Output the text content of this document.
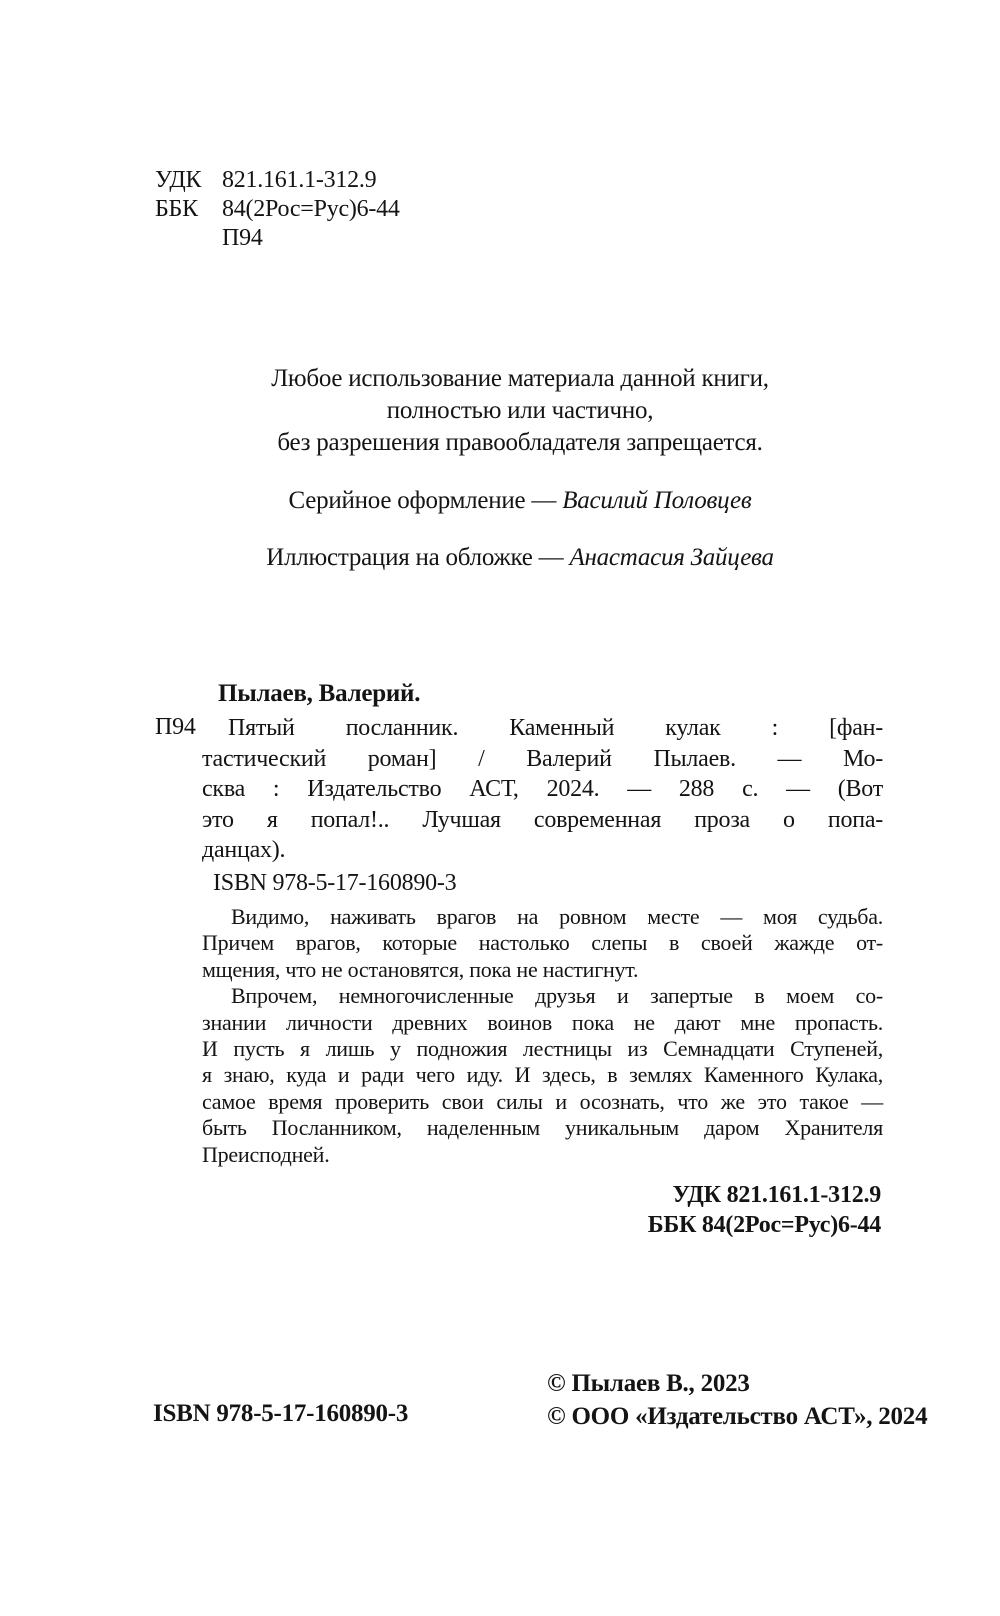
УДК 821.161.1-312.9
ББК	84(2Рос=Рус)6-44
П94
Любое использование материала данной книги,
полностью или частично,
без разрешения правообладателя запрещается.
Серийное оформление — Василий Половцев
Иллюстрация на обложке — Анастасия Зайцева
Пылаев, Валерий.
П94	Пятый посланник. Каменный кулак : [фан-
тастический роман] / Валерий Пылаев. — Мо-
сква : Издательство АСТ, 2024. — 288 с. — (Вот
это я попал!.. Лучшая современная проза о попа-
данцах).
ISBN 978-5-17-160890-3
Видимо, наживать врагов на ровном месте — моя судьба.
Причем врагов, которые настолько слепы в своей жажде от-
мщения, что не остановятся, пока не настигнут.
Впрочем, немногочисленные друзья и запертые в моем со-
знании личности древних воинов пока не дают мне пропасть.
И пусть я лишь у подножия лестницы из Семнадцати Ступеней,
я знаю, куда и ради чего иду. И здесь, в землях Каменного Кулака,
самое время проверить свои силы и осознать, что же это такое —
быть Посланником, наделенным уникальным даром Хранителя
Преисподней.
УДК 821.161.1-312.9
ББК 84(2Рос=Рус)6-44
ISBN 978-5-17-160890-3
© Пылаев В., 2023
© ООО «Издательство АСТ», 2024
